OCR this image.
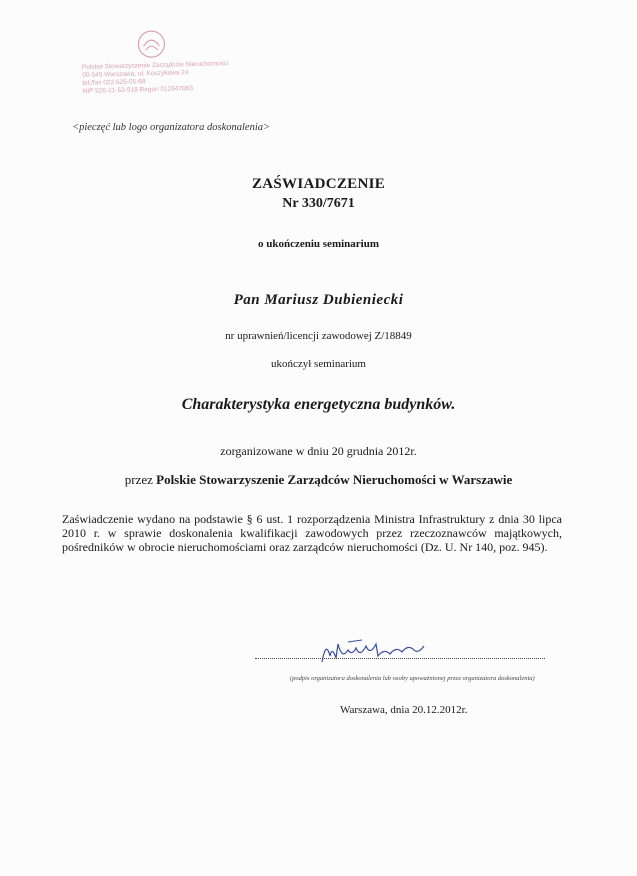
Polskie Stowarzyszenie Zarządców Nieruchomości
00-545 Warszawa, ul. Koszykowa 24
tel./fax 022 625-05-68
NIP 526-21-53-918 Regon 012647063
<pieczęć lub logo organizatora doskonalenia>
ZAŚWIADCZENIE
Nr 330/7671
o ukończeniu seminarium
Pan Mariusz Dubieniecki
nr uprawnień/licencji zawodowej Z/18849
ukończył seminarium
Charakterystyka energetyczna budynków.
zorganizowane w dniu 20 grudnia 2012r.
przez Polskie Stowarzyszenie Zarządców Nieruchomości w Warszawie
Zaświadczenie wydano na podstawie § 6 ust. 1 rozporządzenia Ministra Infrastruktury z dnia 30 lipca 2010 r. w sprawie doskonalenia kwalifikacji zawodowych przez rzeczoznawców majątkowych, pośredników w obrocie nieruchomościami oraz zarządców nieruchomości (Dz. U. Nr 140, poz. 945).
(podpis organizatora doskonalenia lub osoby upoważnionej przez organizatora doskonalenia)
Warszawa, dnia 20.12.2012r.
